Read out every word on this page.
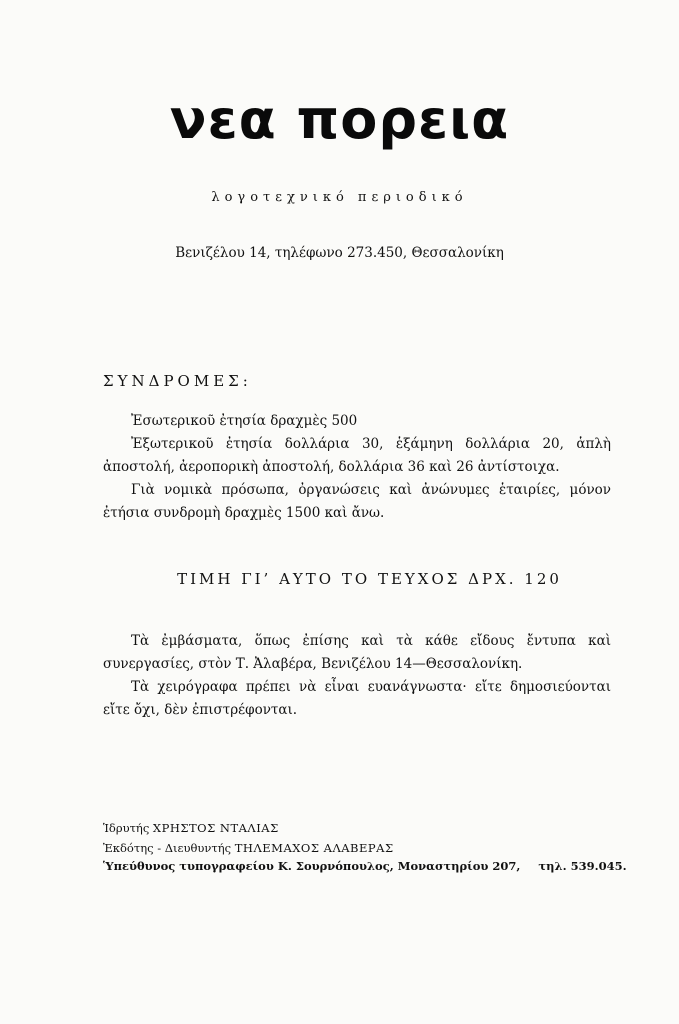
νεα πορεια
λογοτεχνικό περιοδικό
Βενιζέλου 14, τηλέφωνο 273.450, Θεσσαλονίκη
ΣΥΝΔΡΟΜΕΣ:
Ἐσωτερικοῦ ἐτησία δραχμὲς 500
Ἐξωτερικοῦ ἐτησία δολλάρια 30, ἑξάμηνη δολλάρια 20, ἁπλὴ ἀποστολή, ἀεροπορικὴ ἀποστολή, δολλάρια 36 καὶ 26 ἀντίστοιχα.
Γιὰ νομικὰ πρόσωπα, ὀργανώσεις καὶ ἀνώνυμες ἑταιρίες, μόνον ἐτήσια συνδρομὴ δραχμὲς 1500 καὶ ἄνω.
ΤΙΜΗ ΓΙ’ ΑΥΤΟ ΤΟ ΤΕΥΧΟΣ ΔΡΧ. 120
Τὰ ἐμβάσματα, ὅπως ἐπίσης καὶ τὰ κάθε εἴδους ἔντυπα καὶ συνεργασίες, στὸν Τ. Ἀλαβέρα, Βενιζέλου 14—Θεσσαλονίκη.
Τὰ χειρόγραφα πρέπει νὰ εἶναι ευανάγνωστα· εἴτε δημοσιεύονται εἴτε ὄχι, δὲν ἐπιστρέφονται.
Ἱδρυτής ΧΡΗΣΤΟΣ ΝΤΑΛΙΑΣ
Ἐκδότης - Διευθυντής ΤΗΛΕΜΑΧΟΣ ΑΛΑΒΕΡΑΣ
Ὑπεύθυνος τυπογραφείου Κ. Σουρνόπουλος, Μοναστηρίου 207, τηλ. 539.045.
